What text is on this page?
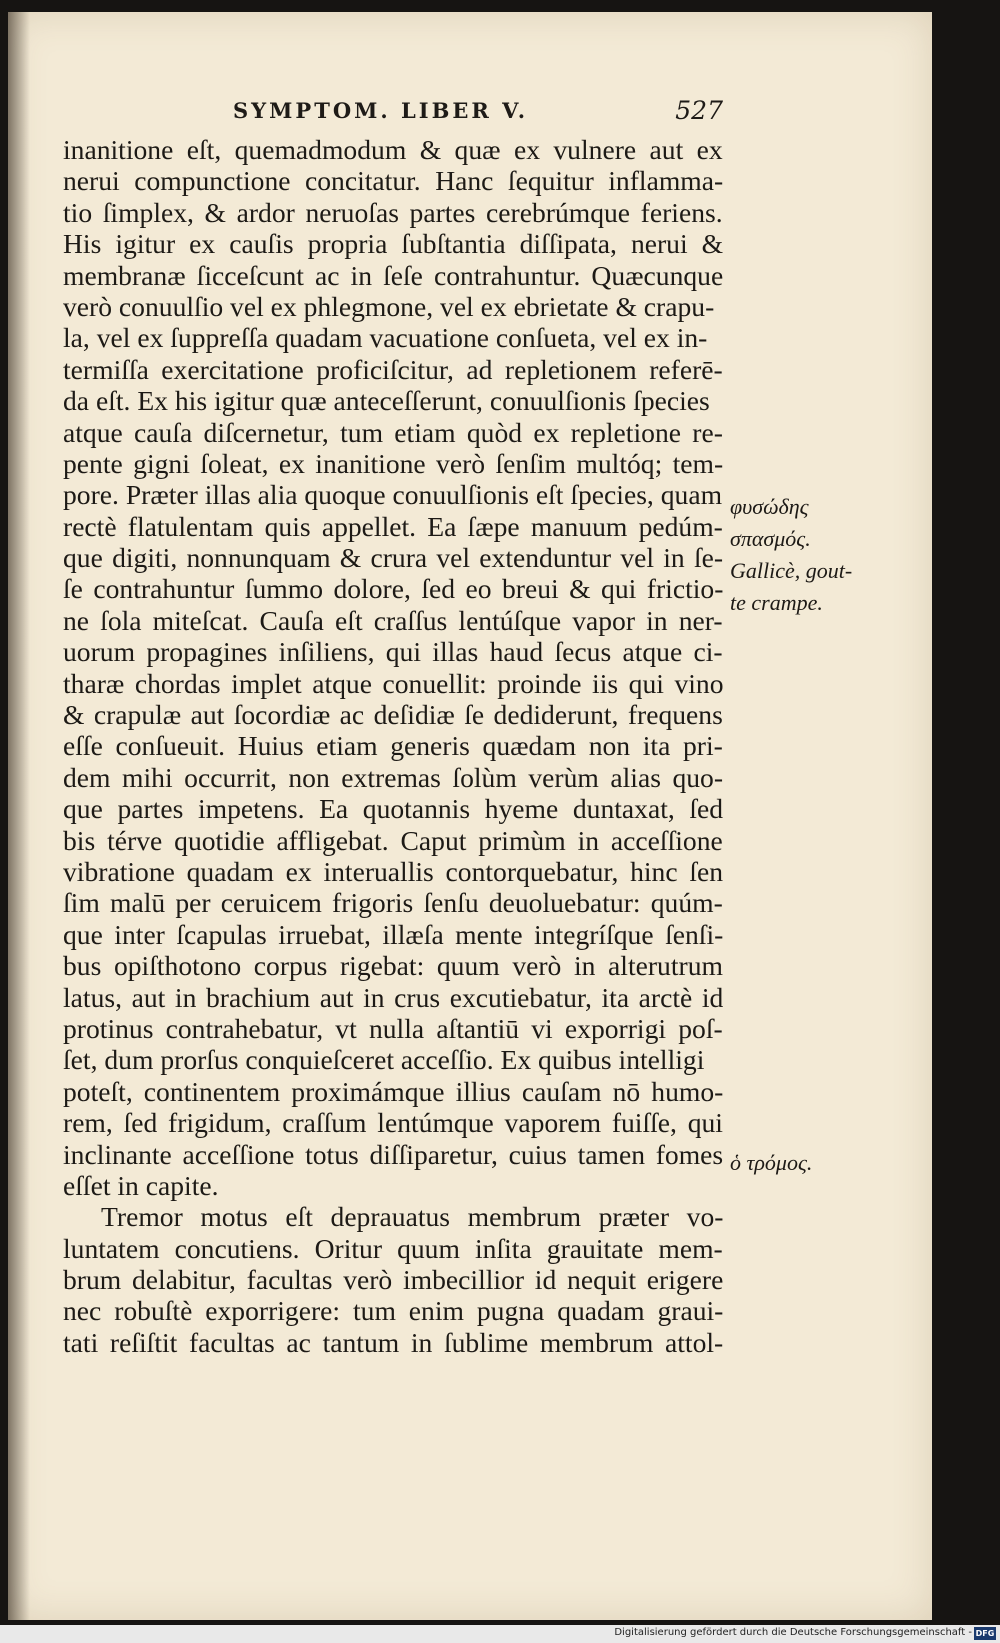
SYMPTOM. LIBER V.	527
inanitione eſt, quemadmodum & quæ ex vulnere aut ex
nerui compunctione concitatur. Hanc ſequitur inflamma-
tio ſimplex, & ardor neruoſas partes cerebrúmque feriens.
His igitur ex cauſis propria ſubſtantia diſſipata, nerui &
membranæ ſicceſcunt ac in ſeſe contrahuntur. Quæcunque
verò conuulſio vel ex phlegmone, vel ex ebrietate & crapu-
la, vel ex ſuppreſſa quadam vacuatione conſueta, vel ex in-
termiſſa exercitatione proficiſcitur, ad repletionem referē-
da eſt. Ex his igitur quæ anteceſſerunt, conuulſionis ſpecies
atque cauſa diſcernetur, tum etiam quòd ex repletione re-
pente gigni ſoleat, ex inanitione verò ſenſim multóq; tem-
pore. Præter illas alia quoque conuulſionis eſt ſpecies, quam
rectè flatulentam quis appellet. Ea ſæpe manuum pedúm-
que digiti, nonnunquam & crura vel extenduntur vel in ſe-
ſe contrahuntur ſummo dolore, ſed eo breui & qui frictio-
ne ſola miteſcat. Cauſa eſt craſſus lentúſque vapor in ner-
uorum propagines inſiliens, qui illas haud ſecus atque ci-
tharæ chordas implet atque conuellit: proinde iis qui vino
& crapulæ aut ſocordiæ ac deſidiæ ſe dediderunt, frequens
eſſe conſueuit. Huius etiam generis quædam non ita pri-
dem mihi occurrit, non extremas ſolùm verùm alias quo-
que partes impetens. Ea quotannis hyeme duntaxat, ſed
bis térve quotidie affligebat. Caput primùm in acceſſione
vibratione quadam ex interuallis contorquebatur, hinc ſen
ſim malū per ceruicem frigoris ſenſu deuoluebatur: quúm-
que inter ſcapulas irruebat, illæſa mente integríſque ſenſi-
bus opiſthotono corpus rigebat: quum verò in alterutrum
latus, aut in brachium aut in crus excutiebatur, ita arctè id
protinus contrahebatur, vt nulla aſtantiū vi exporrigi poſ-
ſet, dum prorſus conquieſceret acceſſio. Ex quibus intelligi
poteſt, continentem proximámque illius cauſam nō humo-
rem, ſed frigidum, craſſum lentúmque vaporem fuiſſe, qui
inclinante acceſſione totus diſſiparetur, cuius tamen fomes
eſſet in capite.
Tremor motus eſt deprauatus membrum præter vo-
luntatem concutiens. Oritur quum inſita grauitate mem-
brum delabitur, facultas verò imbecillior id nequit erigere
nec robuſtè exporrigere: tum enim pugna quadam graui-
tati reſiſtit facultas ac tantum in ſublime membrum attol-
φυσώδης
σπασμός.
Gallicè, gout-
te crampe.
ὁ τρόμος.
Digitalisierung gefördert durch die Deutsche Forschungsgemeinschaft - DFG
